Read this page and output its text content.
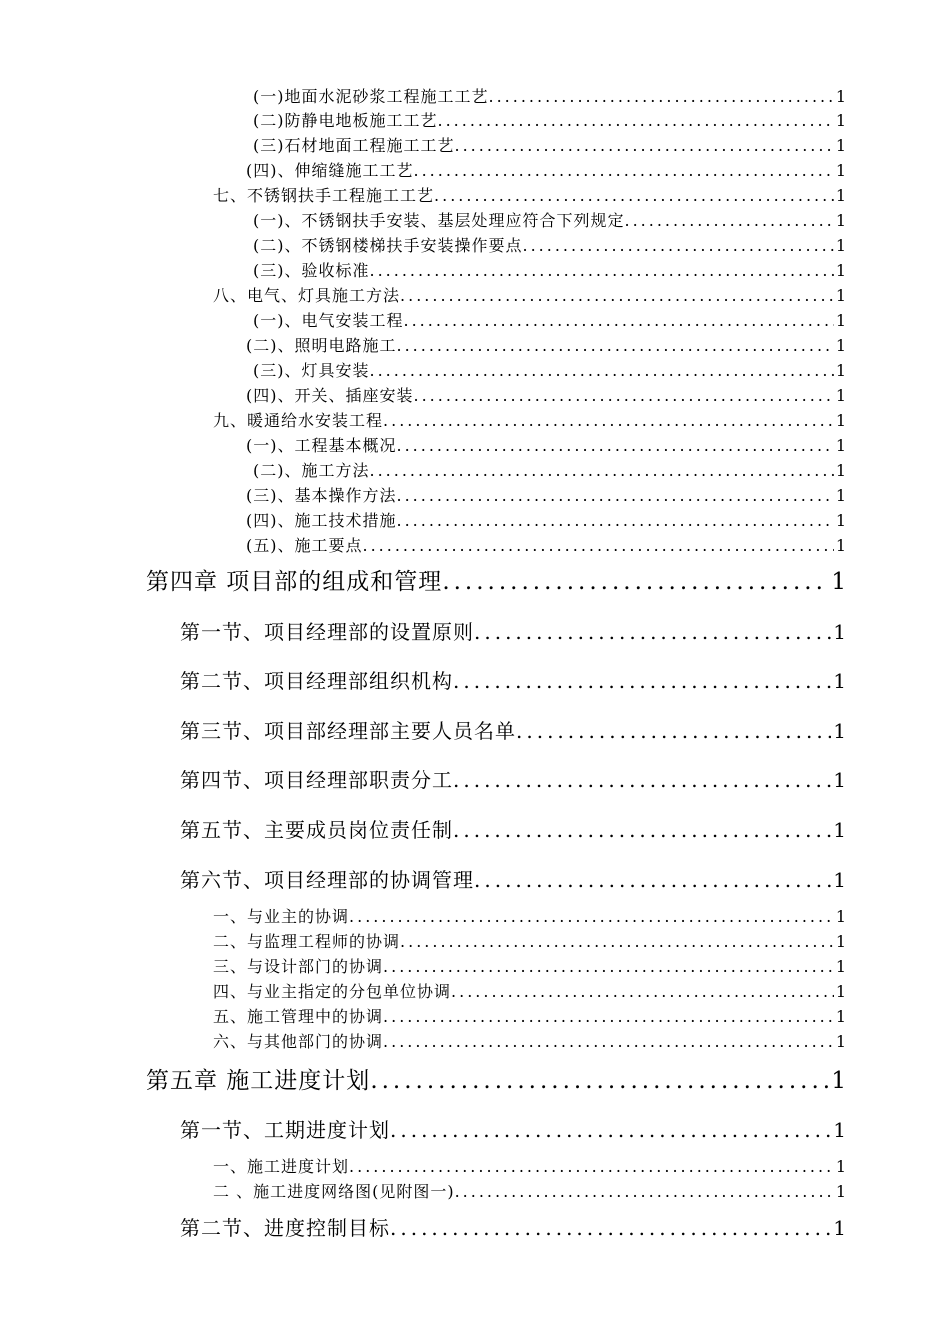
(一)地面水泥砂浆工程施工工艺 .....	1
(二)防静电地板施工工艺 .....	1
(三)石材地面工程施工工艺 .....	1
(四)、伸缩缝施工工艺 .....	1
七、不锈钢扶手工程施工工艺 .....	1
(一)、不锈钢扶手安装、基层处理应符合下列规定 .....	1
(二)、不锈钢楼梯扶手安装操作要点 .....	1
(三)、验收标准 .....	1
八、电气、灯具施工方法 .....	1
(一)、电气安装工程 .....	1
(二)、照明电路施工 .....	1
(三)、灯具安装 .....	1
(四)、开关、插座安装 .....	1
九、暖通给水安装工程 .....	1
(一)、工程基本概况 .....	1
(二)、施工方法 .....	1
(三)、基本操作方法 .....	1
(四)、施工技术措施 .....	1
(五)、施工要点 .....	1
第四章 项目部的组成和管理 .....	1
第一节、项目经理部的设置原则 .....	1
第二节、项目经理部组织机构 .....	1
第三节、项目部经理部主要人员名单 .....	1
第四节、项目经理部职责分工 .....	1
第五节、主要成员岗位责任制 .....	1
第六节、项目经理部的协调管理 .....	1
一、与业主的协调 .....	1
二、与监理工程师的协调 .....	1
三、与设计部门的协调 .....	1
四、与业主指定的分包单位协调 .....	1
五、施工管理中的协调 .....	1
六、与其他部门的协调 .....	1
第五章 施工进度计划 .....	1
第一节、工期进度计划 .....	1
一、施工进度计划 .....	1
二 、施工进度网络图(见附图一) .....	1
第二节、进度控制目标 .....	1
